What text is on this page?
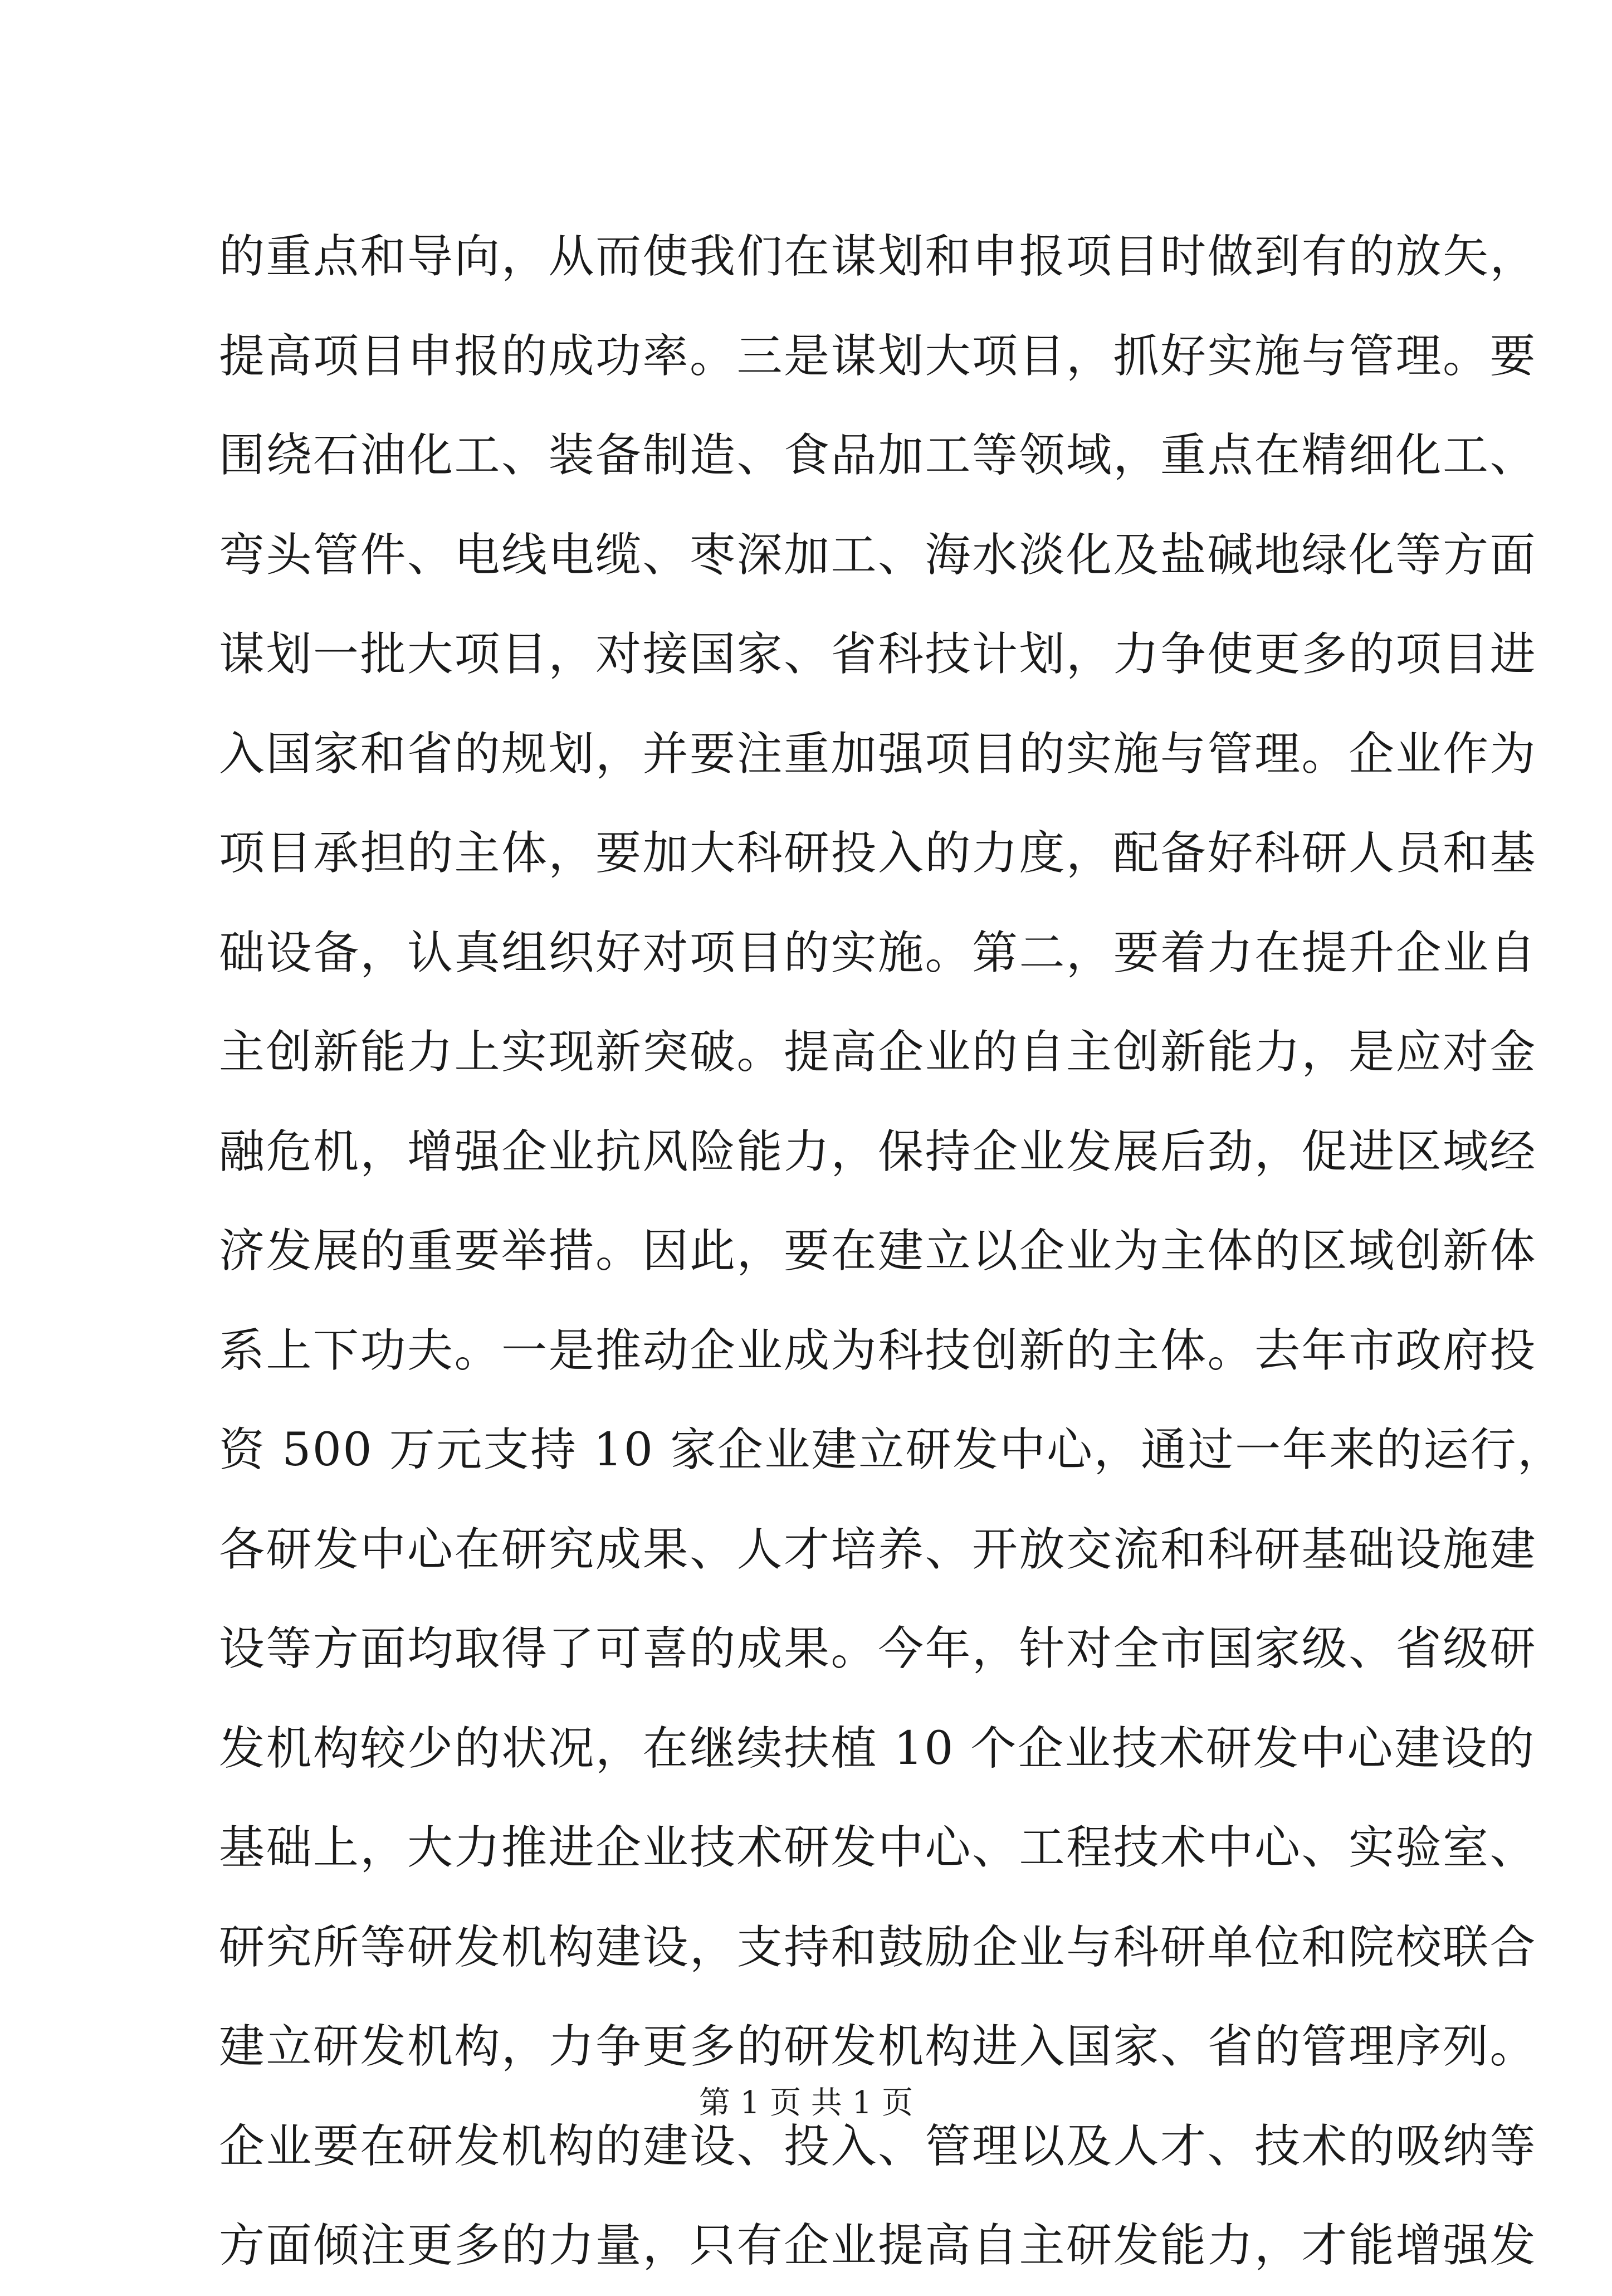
的重点和导向，从而使我们在谋划和申报项目时做到有的放矢，
提高项目申报的成功率。三是谋划大项目，抓好实施与管理。要
围绕石油化工、装备制造、食品加工等领域，重点在精细化工、
弯头管件、电线电缆、枣深加工、海水淡化及盐碱地绿化等方面
谋划一批大项目，对接国家、省科技计划，力争使更多的项目进
入国家和省的规划，并要注重加强项目的实施与管理。企业作为
项目承担的主体，要加大科研投入的力度，配备好科研人员和基
础设备，认真组织好对项目的实施。第二，要着力在提升企业自
主创新能力上实现新突破。提高企业的自主创新能力，是应对金
融危机，增强企业抗风险能力，保持企业发展后劲，促进区域经
济发展的重要举措。因此，要在建立以企业为主体的区域创新体
系上下功夫。一是推动企业成为科技创新的主体。去年市政府投
资 500 万元支持 10 家企业建立研发中心，通过一年来的运行，
各研发中心在研究成果、人才培养、开放交流和科研基础设施建
设等方面均取得了可喜的成果。今年，针对全市国家级、省级研
发机构较少的状况，在继续扶植 10 个企业技术研发中心建设的
基础上，大力推进企业技术研发中心、工程技术中心、实验室、
研究所等研发机构建设，支持和鼓励企业与科研单位和院校联合
建立研发机构，力争更多的研发机构进入国家、省的管理序列。
企业要在研发机构的建设、投入、管理以及人才、技术的吸纳等
方面倾注更多的力量，只有企业提高自主研发能力，才能增强发
第 1 页 共 1 页
